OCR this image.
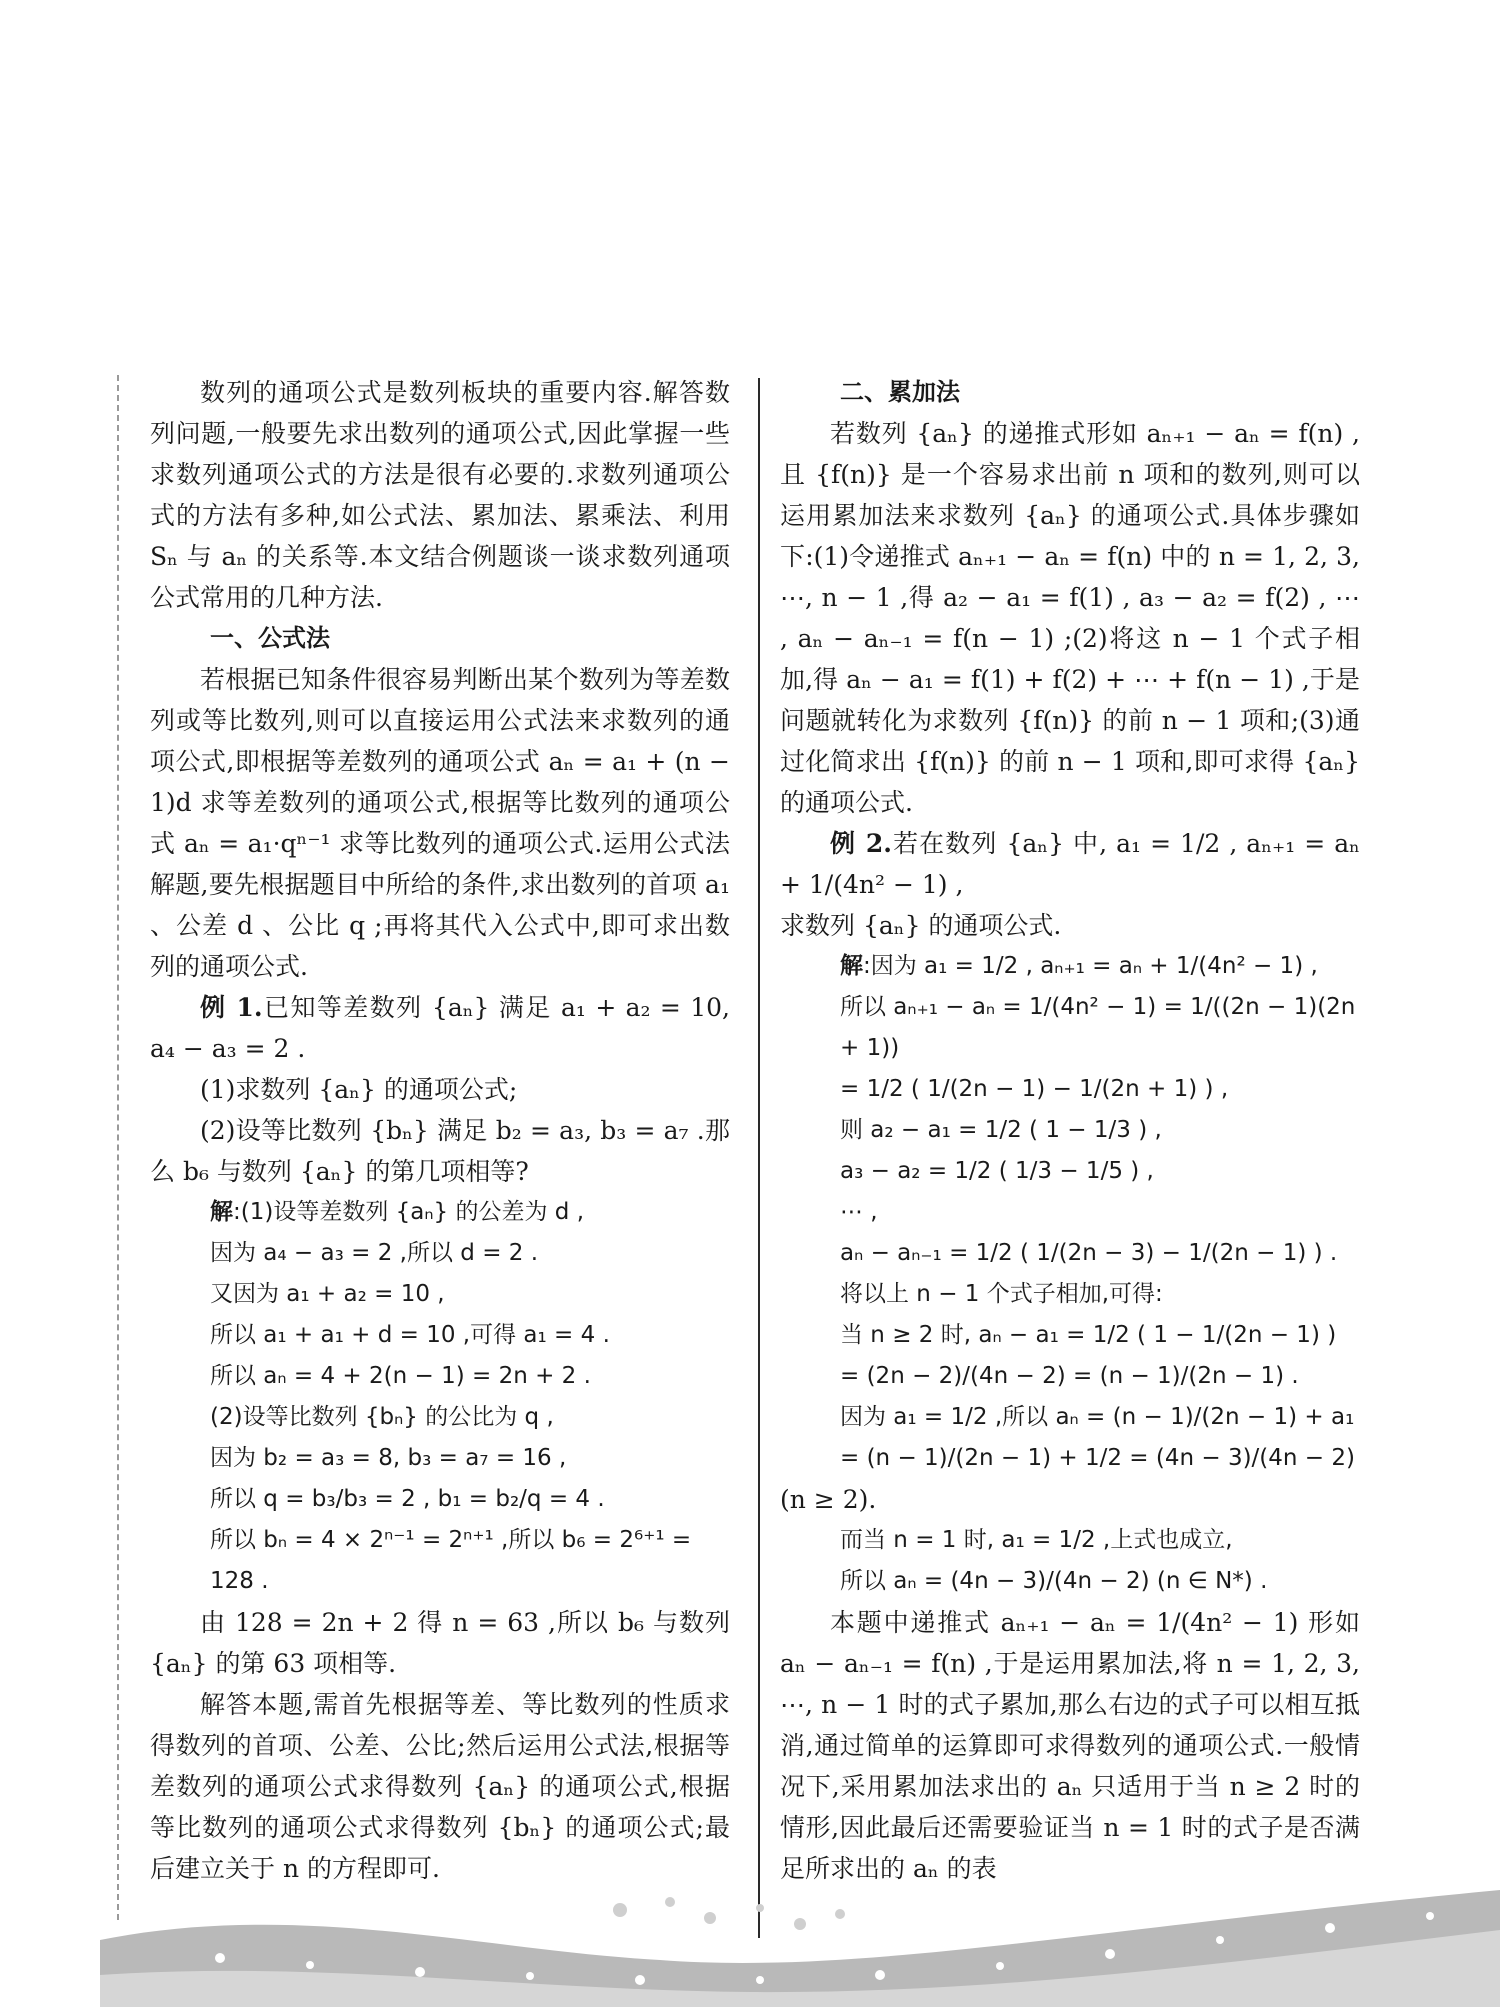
数列的通项公式是数列板块的重要内容.解答数列问题,一般要先求出数列的通项公式,因此掌握一些求数列通项公式的方法是很有必要的.求数列通项公式的方法有多种,如公式法、累加法、累乘法、利用 Sₙ 与 aₙ 的关系等.本文结合例题谈一谈求数列通项公式常用的几种方法.

一、公式法

若根据已知条件很容易判断出某个数列为等差数列或等比数列,则可以直接运用公式法来求数列的通项公式,即根据等差数列的通项公式 aₙ = a₁ + (n − 1)d 求等差数列的通项公式,根据等比数列的通项公式 aₙ = a₁·qⁿ⁻¹ 求等比数列的通项公式.运用公式法解题,要先根据题目中所给的条件,求出数列的首项 a₁ 、公差 d 、公比 q ;再将其代入公式中,即可求出数列的通项公式.

例 1.已知等差数列 {aₙ} 满足 a₁ + a₂ = 10, a₄ − a₃ = 2 .

(1)求数列 {aₙ} 的通项公式;

(2)设等比数列 {bₙ} 满足 b₂ = a₃, b₃ = a₇ .那么 b₆ 与数列 {aₙ} 的第几项相等?

解:(1)设等差数列 {aₙ} 的公差为 d ,

因为 a₄ − a₃ = 2 ,所以 d = 2 .

又因为 a₁ + a₂ = 10 ,

所以 a₁ + a₁ + d = 10 ,可得 a₁ = 4 .

所以 aₙ = 4 + 2(n − 1) = 2n + 2 .

(2)设等比数列 {bₙ} 的公比为 q ,

因为 b₂ = a₃ = 8, b₃ = a₇ = 16 ,

所以 q = b₃/b₃ = 2 , b₁ = b₂/q = 4 .

所以 bₙ = 4 × 2ⁿ⁻¹ = 2ⁿ⁺¹ ,所以 b₆ = 2⁶⁺¹ = 128 .

由 128 = 2n + 2 得 n = 63 ,所以 b₆ 与数列 {aₙ} 的第 63 项相等.

解答本题,需首先根据等差、等比数列的性质求得数列的首项、公差、公比;然后运用公式法,根据等差数列的通项公式求得数列 {aₙ} 的通项公式,根据等比数列的通项公式求得数列 {bₙ} 的通项公式;最后建立关于 n 的方程即可.

二、累加法

若数列 {aₙ} 的递推式形如 aₙ₊₁ − aₙ = f(n) ,且 {f(n)} 是一个容易求出前 n 项和的数列,则可以运用累加法来求数列 {aₙ} 的通项公式.具体步骤如下:(1)令递推式 aₙ₊₁ − aₙ = f(n) 中的 n = 1, 2, 3, ⋯, n − 1 ,得 a₂ − a₁ = f(1) , a₃ − a₂ = f(2) , ⋯ , aₙ − aₙ₋₁ = f(n − 1) ;(2)将这 n − 1 个式子相加,得 aₙ − a₁ = f(1) + f(2) + ⋯ + f(n − 1) ,于是问题就转化为求数列 {f(n)} 的前 n − 1 项和;(3)通过化简求出 {f(n)} 的前 n − 1 项和,即可求得 {aₙ} 的通项公式.

例 2.若在数列 {aₙ} 中, a₁ = 1/2 , aₙ₊₁ = aₙ + 1/(4n² − 1) ,

求数列 {aₙ} 的通项公式.

解:因为 a₁ = 1/2 , aₙ₊₁ = aₙ + 1/(4n² − 1) ,

所以 aₙ₊₁ − aₙ = 1/(4n² − 1) = 1/((2n − 1)(2n + 1))

= 1/2 ( 1/(2n − 1) − 1/(2n + 1) ) ,

则 a₂ − a₁ = 1/2 ( 1 − 1/3 ) ,

a₃ − a₂ = 1/2 ( 1/3 − 1/5 ) ,

⋯ ,

aₙ − aₙ₋₁ = 1/2 ( 1/(2n − 3) − 1/(2n − 1) ) .

将以上 n − 1 个式子相加,可得:

当 n ≥ 2 时, aₙ − a₁ = 1/2 ( 1 − 1/(2n − 1) ) = (2n − 2)/(4n − 2) = (n − 1)/(2n − 1) .

因为 a₁ = 1/2 ,所以 aₙ = (n − 1)/(2n − 1) + a₁ = (n − 1)/(2n − 1) + 1/2 = (4n − 3)/(4n − 2)

(n ≥ 2).

而当 n = 1 时, a₁ = 1/2 ,上式也成立,

所以 aₙ = (4n − 3)/(4n − 2) (n ∈ N*) .

本题中递推式 aₙ₊₁ − aₙ = 1/(4n² − 1) 形如 aₙ − aₙ₋₁ = f(n) ,于是运用累加法,将 n = 1, 2, 3, ⋯, n − 1 时的式子累加,那么右边的式子可以相互抵消,通过简单的运算即可求得数列的通项公式.一般情况下,采用累加法求出的 aₙ 只适用于当 n ≥ 2 时的情形,因此最后还需要验证当 n = 1 时的式子是否满足所求出的 aₙ 的表
